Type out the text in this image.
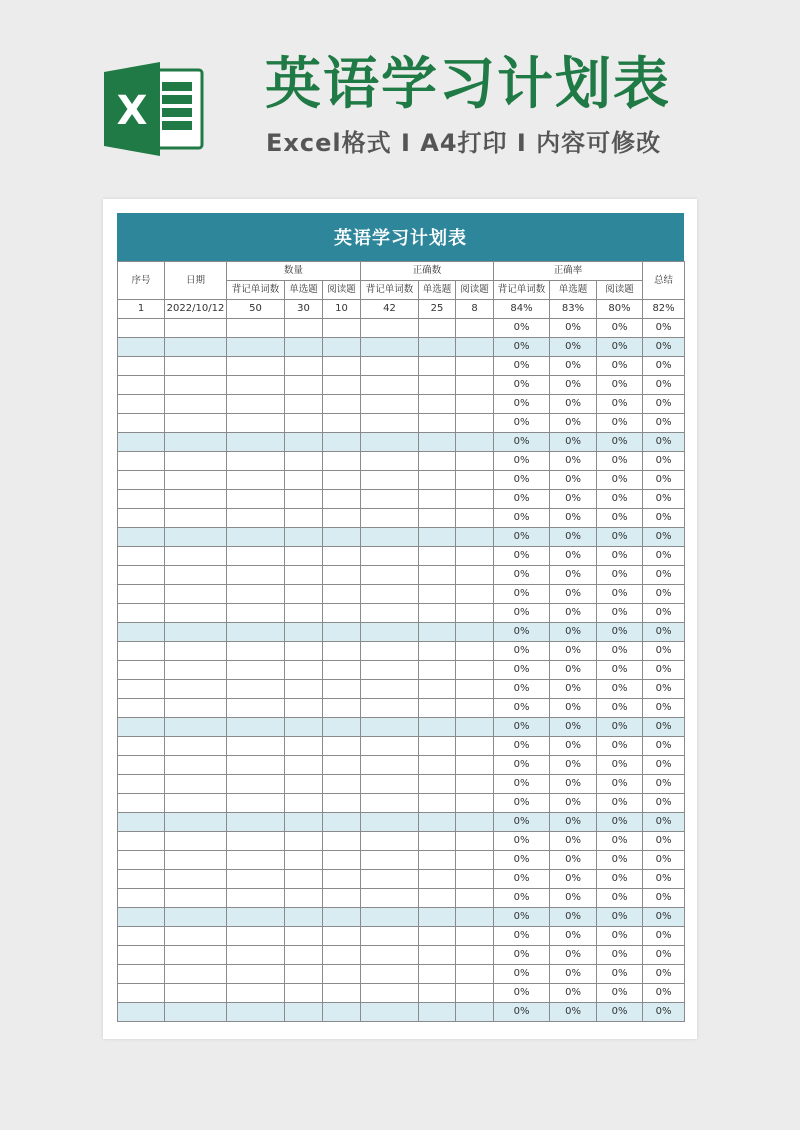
X 英语学习计划表
Excel格式 Ⅰ A4打印 Ⅰ 内容可修改
英语学习计划表
序号	日期	数量			正确数			正确率			总结
		背记单词数	单选题	阅读题	背记单词数	单选题	阅读题	背记单词数	单选题	阅读题	
1	2022/10/12	50	30	10	42	25	8	84%	83%	80%	82%
								0%	0%	0%	0%
								0%	0%	0%	0%
								0%	0%	0%	0%
								0%	0%	0%	0%
								0%	0%	0%	0%
								0%	0%	0%	0%
								0%	0%	0%	0%
								0%	0%	0%	0%
								0%	0%	0%	0%
								0%	0%	0%	0%
								0%	0%	0%	0%
								0%	0%	0%	0%
								0%	0%	0%	0%
								0%	0%	0%	0%
								0%	0%	0%	0%
								0%	0%	0%	0%
								0%	0%	0%	0%
								0%	0%	0%	0%
								0%	0%	0%	0%
								0%	0%	0%	0%
								0%	0%	0%	0%
								0%	0%	0%	0%
								0%	0%	0%	0%
								0%	0%	0%	0%
								0%	0%	0%	0%
								0%	0%	0%	0%
								0%	0%	0%	0%
								0%	0%	0%	0%
								0%	0%	0%	0%
								0%	0%	0%	0%
								0%	0%	0%	0%
								0%	0%	0%	0%
								0%	0%	0%	0%
								0%	0%	0%	0%
								0%	0%	0%	0%
								0%	0%	0%	0%
								0%	0%	0%	0%
